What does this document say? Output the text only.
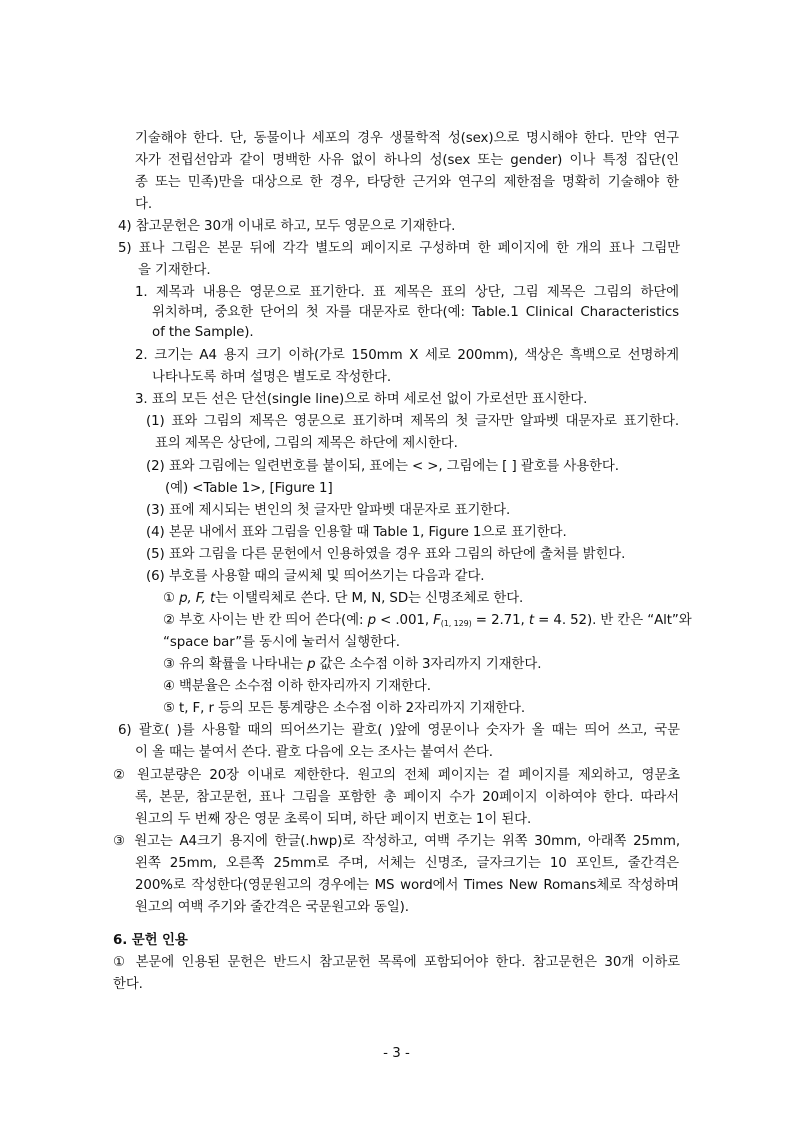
기술해야 한다. 단, 동물이나 세포의 경우 생물학적 성(sex)으로 명시해야 한다. 만약 연구
자가 전립선암과 같이 명백한 사유 없이 하나의 성(sex 또는 gender) 이나 특정 집단(인
종 또는 민족)만을 대상으로 한 경우, 타당한 근거와 연구의 제한점을 명확히 기술해야 한
다.
4) 참고문헌은 30개 이내로 하고, 모두 영문으로 기재한다.
5) 표나 그림은 본문 뒤에 각각 별도의 페이지로 구성하며 한 페이지에 한 개의 표나 그림만
을 기재한다.
1. 제목과 내용은 영문으로 표기한다. 표 제목은 표의 상단, 그림 제목은 그림의 하단에
위치하며, 중요한 단어의 첫 자를 대문자로 한다(예: Table.1 Clinical Characteristics
of the Sample).
2. 크기는 A4 용지 크기 이하(가로 150mm X 세로 200mm), 색상은 흑백으로 선명하게
나타나도록 하며 설명은 별도로 작성한다.
3. 표의 모든 선은 단선(single line)으로 하며 세로선 없이 가로선만 표시한다.
(1) 표와 그림의 제목은 영문으로 표기하며 제목의 첫 글자만 알파벳 대문자로 표기한다.
표의 제목은 상단에, 그림의 제목은 하단에 제시한다.
(2) 표와 그림에는 일련번호를 붙이되, 표에는 < >, 그림에는 [ ] 괄호를 사용한다.
(예) <Table 1>, [Figure 1]
(3) 표에 제시되는 변인의 첫 글자만 알파벳 대문자로 표기한다.
(4) 본문 내에서 표와 그림을 인용할 때 Table 1, Figure 1으로 표기한다.
(5) 표와 그림을 다른 문헌에서 인용하였을 경우 표와 그림의 하단에 출처를 밝힌다.
(6) 부호를 사용할 때의 글씨체 및 띄어쓰기는 다음과 같다.
① p, F, t는 이탤릭체로 쓴다. 단 M, N, SD는 신명조체로 한다.
② 부호 사이는 반 칸 띄어 쓴다(예: p < .001, $F_{(1, 129)} = 2.71$, t = 4. 52). 반 칸은 “Alt”와
“space bar”를 동시에 눌러서 실행한다.
③ 유의 확률을 나타내는 p 값은 소수점 이하 3자리까지 기재한다.
④ 백분율은 소수점 이하 한자리까지 기재한다.
⑤ t, F, r 등의 모든 통계량은 소수점 이하 2자리까지 기재한다.
6) 괄호( )를 사용할 때의 띄어쓰기는 괄호( )앞에 영문이나 숫자가 올 때는 띄어 쓰고, 국문
이 올 때는 붙여서 쓴다. 괄호 다음에 오는 조사는 붙여서 쓴다.
② 원고분량은 20장 이내로 제한한다. 원고의 전체 페이지는 겉 페이지를 제외하고, 영문초
록, 본문, 참고문헌, 표나 그림을 포함한 총 페이지 수가 20페이지 이하여야 한다. 따라서
원고의 두 번째 장은 영문 초록이 되며, 하단 페이지 번호는 1이 된다.
③ 원고는 A4크기 용지에 한글(.hwp)로 작성하고, 여백 주기는 위쪽 30mm, 아래쪽 25mm,
왼쪽 25mm, 오른쪽 25mm로 주며, 서체는 신명조, 글자크기는 10 포인트, 줄간격은
200%로 작성한다(영문원고의 경우에는 MS word에서 Times New Romans체로 작성하며
원고의 여백 주기와 줄간격은 국문원고와 동일).
6. 문헌 인용
① 본문에 인용된 문헌은 반드시 참고문헌 목록에 포함되어야 한다. 참고문헌은 30개 이하로
한다.
- 3 -
